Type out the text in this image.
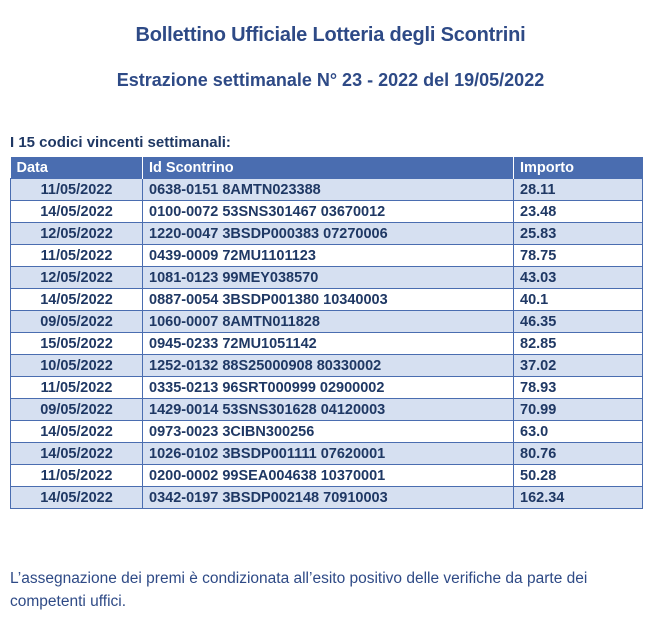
Bollettino Ufficiale Lotteria degli Scontrini
Estrazione settimanale N° 23 - 2022 del 19/05/2022
I 15 codici vincenti settimanali:
Data	Id Scontrino	Importo
11/05/2022	0638-0151 8AMTN023388	28.11
14/05/2022	0100-0072 53SNS301467 03670012	23.48
12/05/2022	1220-0047 3BSDP000383 07270006	25.83
11/05/2022	0439-0009 72MU1101123	78.75
12/05/2022	1081-0123 99MEY038570	43.03
14/05/2022	0887-0054 3BSDP001380 10340003	40.1
09/05/2022	1060-0007 8AMTN011828	46.35
15/05/2022	0945-0233 72MU1051142	82.85
10/05/2022	1252-0132 88S25000908 80330002	37.02
11/05/2022	0335-0213 96SRT000999 02900002	78.93
09/05/2022	1429-0014 53SNS301628 04120003	70.99
14/05/2022	0973-0023 3CIBN300256	63.0
14/05/2022	1026-0102 3BSDP001111 07620001	80.76
11/05/2022	0200-0002 99SEA004638 10370001	50.28
14/05/2022	0342-0197 3BSDP002148 70910003	162.34
L’assegnazione dei premi è condizionata all’esito positivo delle verifiche da parte dei competenti uffici.
